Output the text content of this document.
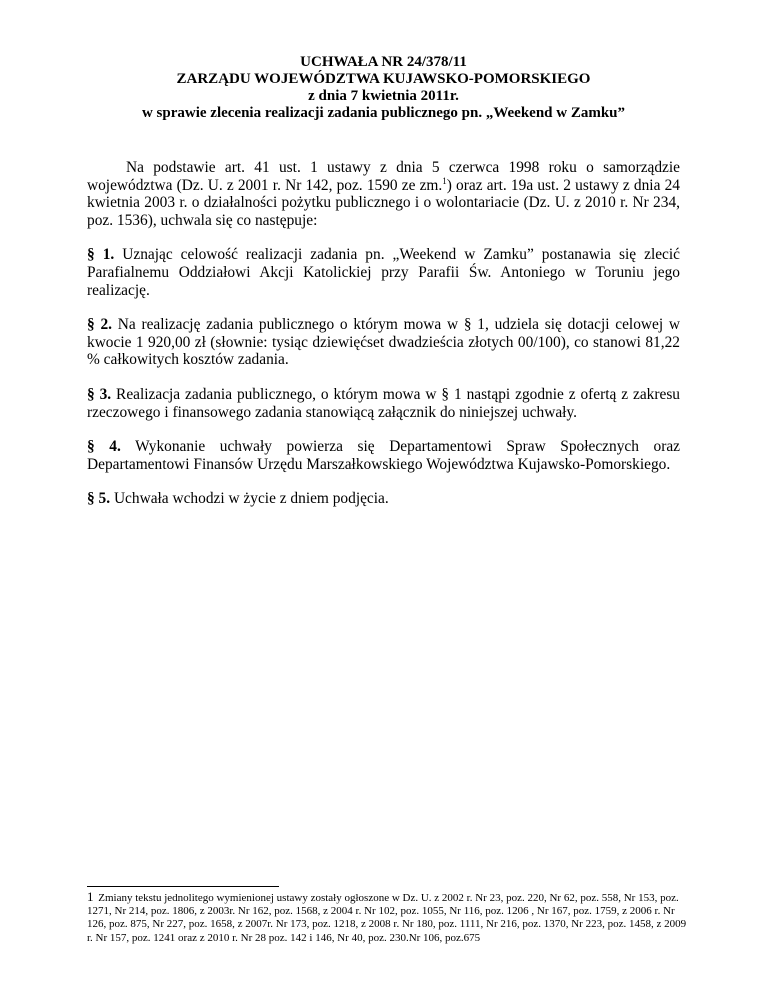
UCHWAŁA NR 24/378/11
ZARZĄDU WOJEWÓDZTWA KUJAWSKO-POMORSKIEGO
z dnia 7 kwietnia 2011r.
w sprawie zlecenia realizacji zadania publicznego pn. „Weekend w Zamku”

Na podstawie art. 41 ust. 1 ustawy z dnia 5 czerwca 1998 roku o samorządzie województwa (Dz. U. z 2001 r. Nr 142, poz. 1590 ze zm.$^1$) oraz art. 19a ust. 2 ustawy z dnia 24 kwietnia 2003 r. o działalności pożytku publicznego i o wolontariacie (Dz. U. z 2010 r. Nr 234, poz. 1536), uchwala się co następuje:

§ 1. Uznając celowość realizacji zadania pn. „Weekend w Zamku” postanawia się zlecić Parafialnemu Oddziałowi Akcji Katolickiej przy Parafii Św. Antoniego w Toruniu jego realizację.

§ 2. Na realizację zadania publicznego o którym mowa w § 1, udziela się dotacji celowej w kwocie 1 920,00 zł (słownie: tysiąc dziewięćset dwadzieścia złotych 00/100), co stanowi 81,22 % całkowitych kosztów zadania.

§ 3. Realizacja zadania publicznego, o którym mowa w § 1 nastąpi zgodnie z ofertą z zakresu rzeczowego i finansowego zadania stanowiącą załącznik do niniejszej uchwały.

§ 4. Wykonanie uchwały powierza się Departamentowi Spraw Społecznych oraz Departamentowi Finansów Urzędu Marszałkowskiego Województwa Kujawsko-Pomorskiego.

§ 5. Uchwała wchodzi w życie z dniem podjęcia.

1 Zmiany tekstu jednolitego wymienionej ustawy zostały ogłoszone w Dz. U. z 2002 r. Nr 23, poz. 220, Nr 62, poz. 558, Nr 153, poz. 1271, Nr 214, poz. 1806, z 2003r. Nr 162, poz. 1568, z 2004 r. Nr 102, poz. 1055, Nr 116, poz. 1206 , Nr 167, poz. 1759, z 2006 r. Nr 126, poz. 875, Nr 227, poz. 1658, z 2007r. Nr 173, poz. 1218, z 2008 r. Nr 180, poz. 1111, Nr 216, poz. 1370, Nr 223, poz. 1458, z 2009 r. Nr 157, poz. 1241 oraz z 2010 r. Nr 28 poz. 142 i 146, Nr 40, poz. 230.Nr 106, poz.675
